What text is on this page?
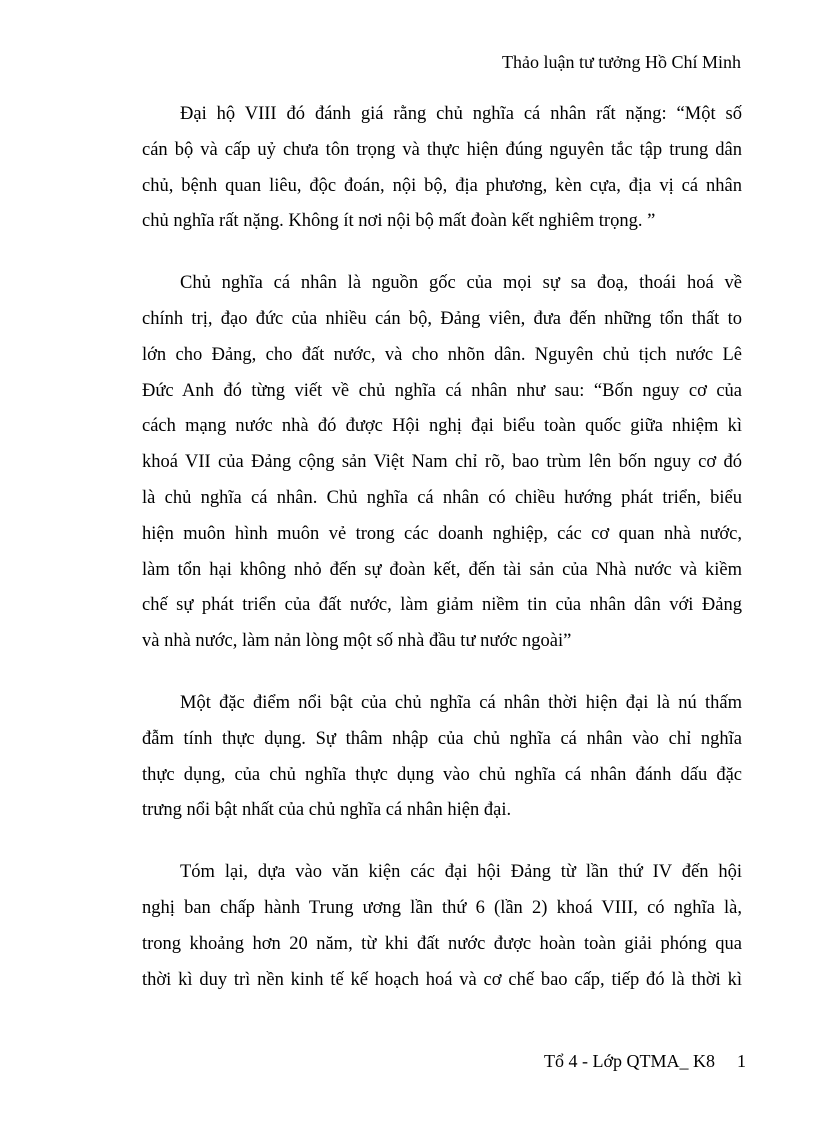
Thảo luận tư tưởng Hồ Chí Minh
Đại hộ VIII đó đánh giá rằng chủ nghĩa cá nhân rất nặng: “Một số
cán bộ và cấp uỷ chưa tôn trọng và thực hiện đúng nguyên tắc tập trung dân
chủ, bệnh quan liêu, độc đoán, nội bộ, địa phương, kèn cựa, địa vị cá nhân
chủ nghĩa rất nặng. Không ít nơi nội bộ mất đoàn kết nghiêm trọng. ”
Chủ nghĩa cá nhân là nguồn gốc của mọi sự sa đoạ, thoái hoá về
chính trị, đạo đức của nhiều cán bộ, Đảng viên, đưa đến những tổn thất to
lớn cho Đảng, cho đất nước, và cho nhõn dân. Nguyên chủ tịch nước Lê
Đức Anh đó từng viết về chủ nghĩa cá nhân như sau: “Bốn nguy cơ của
cách mạng nước nhà đó được Hội nghị đại biểu toàn quốc giữa nhiệm kì
khoá VII của Đảng cộng sản Việt Nam chỉ rõ, bao trùm lên bốn nguy cơ đó
là chủ nghĩa cá nhân. Chủ nghĩa cá nhân có chiều hướng phát triển, biểu
hiện muôn hình muôn vẻ trong các doanh nghiệp, các cơ quan nhà nước,
làm tổn hại không nhỏ đến sự đoàn kết, đến tài sản của Nhà nước và kiềm
chế sự phát triển của đất nước, làm giảm niềm tin của nhân dân với Đảng
và nhà nước, làm nản lòng một số nhà đầu tư nước ngoài”
Một đặc điểm nổi bật của chủ nghĩa cá nhân thời hiện đại là nú thấm
đẫm tính thực dụng. Sự thâm nhập của chủ nghĩa cá nhân vào chỉ nghĩa
thực dụng, của chủ nghĩa thực dụng vào chủ nghĩa cá nhân đánh dấu đặc
trưng nổi bật nhất của chủ nghĩa cá nhân hiện đại.
Tóm lại, dựa vào văn kiện các đại hội Đảng từ lần thứ IV đến hội
nghị ban chấp hành Trung ương lần thứ 6 (lần 2) khoá VIII, có nghĩa là,
trong khoảng hơn 20 năm, từ khi đất nước được hoàn toàn giải phóng qua
thời kì duy trì nền kinh tế kế hoạch hoá và cơ chế bao cấp, tiếp đó là thời kì
Tổ 4 - Lớp QTMA_ K8 1
